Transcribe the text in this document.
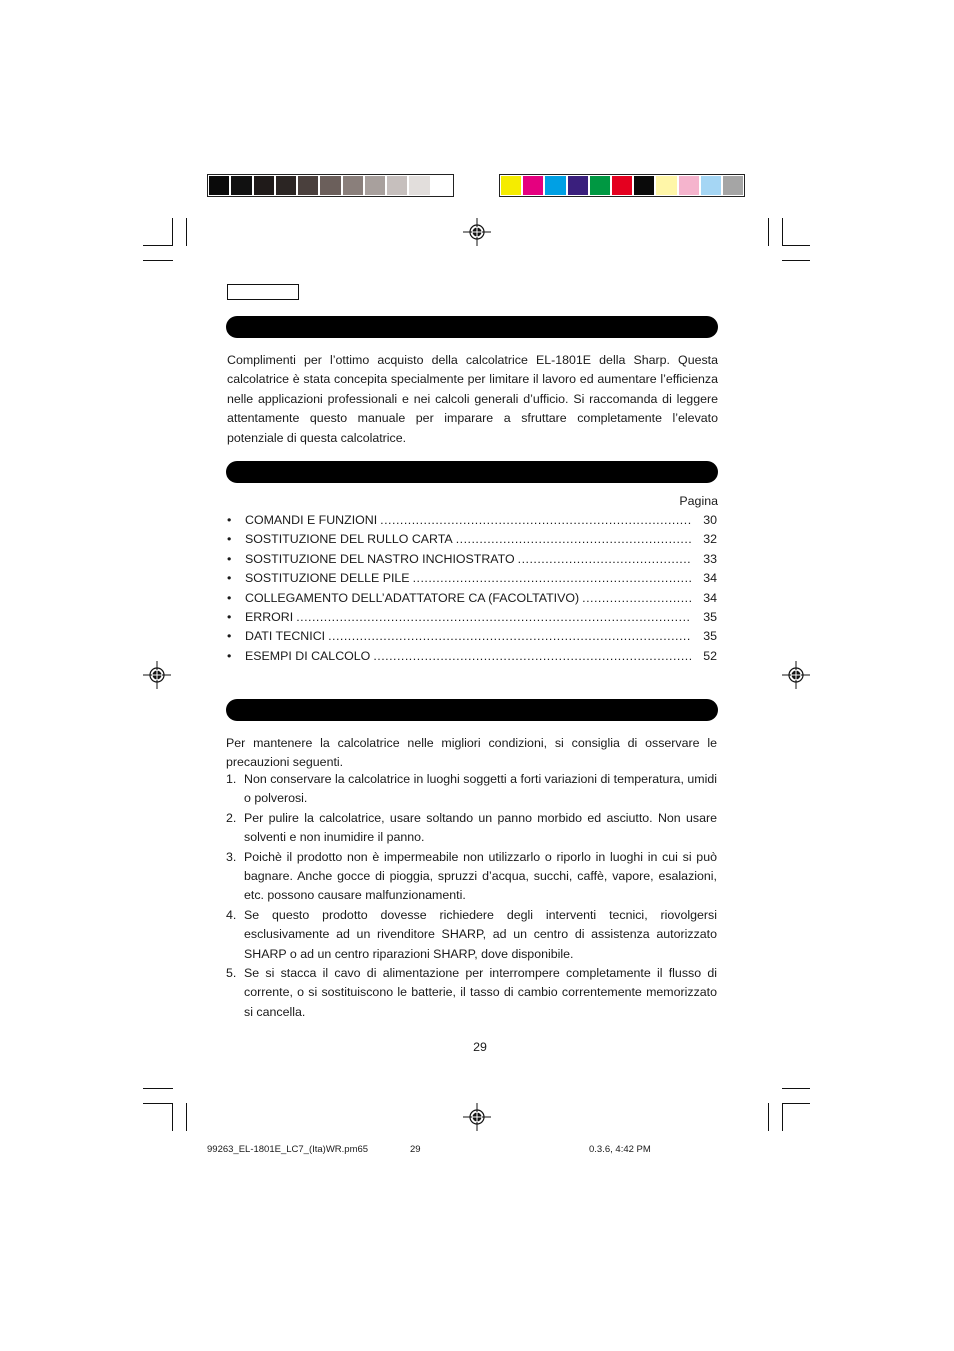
Complimenti per l’ottimo acquisto della calcolatrice EL-1801E della Sharp. Questa calcolatrice è stata concepita specialmente per limitare il lavoro ed aumentare l’efficienza nelle applicazioni professionali e nei calcoli generali d’ufficio. Si raccomanda di leggere attentamente questo manuale per imparare a sfruttare completamente l’elevato potenziale di questa calcolatrice.

Pagina
•	COMANDI E FUNZIONI .....	30
•	SOSTITUZIONE DEL RULLO CARTA .....	32
•	SOSTITUZIONE DEL NASTRO INCHIOSTRATO .....	33
•	SOSTITUZIONE DELLE PILE .....	34
•	COLLEGAMENTO DELL’ADATTATORE CA (FACOLTATIVO) .....	34
•	ERRORI .....	35
•	DATI TECNICI .....	35
•	ESEMPI DI CALCOLO .....	52

Per mantenere la calcolatrice nelle migliori condizioni, si consiglia di osservare le precauzioni seguenti.

1. Non conservare la calcolatrice in luoghi soggetti a forti variazioni di temperatura, umidi o polverosi.
2. Per pulire la calcolatrice, usare soltando un panno morbido ed asciutto. Non usare solventi e non inumidire il panno.
3. Poichè il prodotto non è impermeabile non utilizzarlo o riporlo in luoghi in cui si può bagnare. Anche gocce di pioggia, spruzzi d’acqua, succhi, caffè, vapore, esalazioni, etc. possono causare malfunzionamenti.
4. Se questo prodotto dovesse richiedere degli interventi tecnici, riovolgersi esclusivamente ad un rivenditore SHARP, ad un centro di assistenza autorizzato SHARP o ad un centro riparazioni SHARP, dove disponibile.
5. Se si stacca il cavo di alimentazione per interrompere completamente il flusso di corrente, o si sostituiscono le batterie, il tasso di cambio correntemente memorizzato si cancella.
29
99263_EL-1801E_LC7_(Ita)WR.pm65	29	0.3.6, 4:42 PM
